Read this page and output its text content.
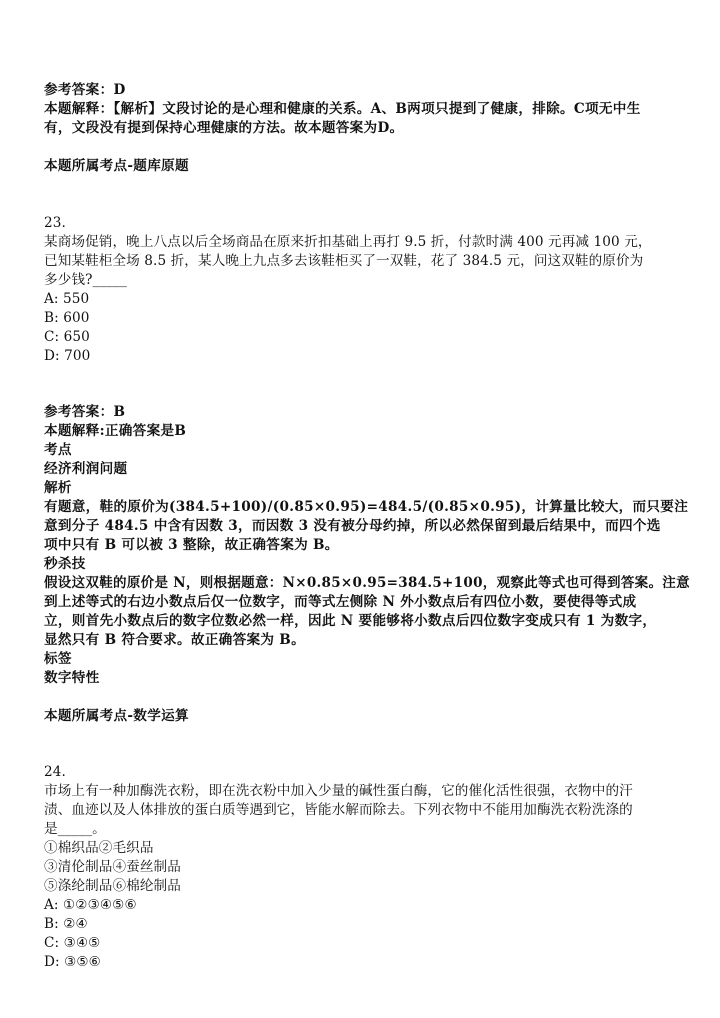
参考答案：D
本题解释：【解析】文段讨论的是心理和健康的关系。A、B两项只提到了健康，排除。C项无中生
有，文段没有提到保持心理健康的方法。故本题答案为D。
本题所属考点-题库原题
23.
某商场促销，晚上八点以后全场商品在原来折扣基础上再打 9.5 折，付款时满 400 元再减 100 元，
已知某鞋柜全场 8.5 折，某人晚上九点多去该鞋柜买了一双鞋，花了 384.5 元，问这双鞋的原价为
多少钱?_____
A: 550
B: 600
C: 650
D: 700
参考答案：B
本题解释:正确答案是B
考点
经济利润问题
解析
有题意，鞋的原价为(384.5+100)/(0.85×0.95)=484.5/(0.85×0.95)，计算量比较大，而只要注
意到分子 484.5 中含有因数 3，而因数 3 没有被分母约掉，所以必然保留到最后结果中，而四个选
项中只有 B 可以被 3 整除，故正确答案为 B。
秒杀技
假设这双鞋的原价是 N，则根据题意：N×0.85×0.95=384.5+100，观察此等式也可得到答案。注意
到上述等式的右边小数点后仅一位数字，而等式左侧除 N 外小数点后有四位小数，要使得等式成
立，则首先小数点后的数字位数必然一样，因此 N 要能够将小数点后四位数字变成只有 1 为数字，
显然只有 B 符合要求。故正确答案为 B。
标签
数字特性
本题所属考点-数学运算
24.
市场上有一种加酶洗衣粉，即在洗衣粉中加入少量的碱性蛋白酶，它的催化活性很强，衣物中的汗
渍、血迹以及人体排放的蛋白质等遇到它，皆能水解而除去。下列衣物中不能用加酶洗衣粉洗涤的
是_____。
①棉织品②毛织品
③清伦制品④蚕丝制品
⑤涤纶制品⑥棉纶制品
A: ①②③④⑤⑥
B: ②④
C: ③④⑤
D: ③⑤⑥
